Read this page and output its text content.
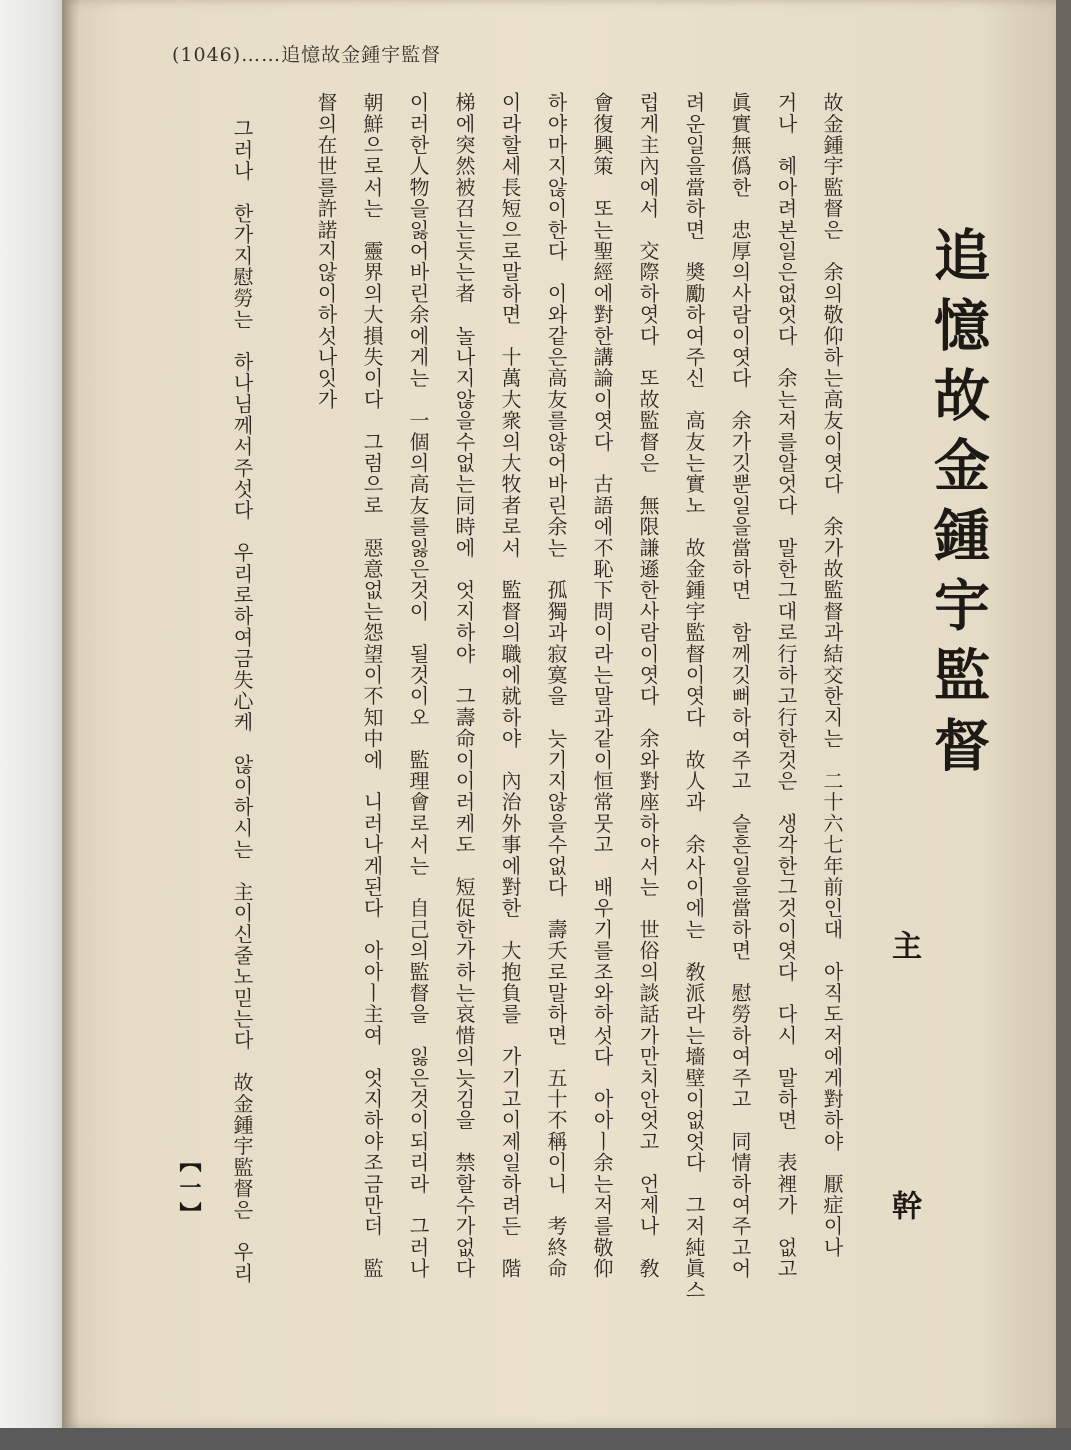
(1046)……追憶故金鍾宇監督
追憶故金鍾宇監督
主幹
故金鍾宇監督은　余의敬仰하는高友이엿다　余가故監督과結交한지는　二十六七年前인대　아직도저에게對하야　厭症이나
거나　헤아려본일은없엇다　余는저를알엇다　말한그대로行하고行한것은　생각한그것이엿다　다시　말하면　表裡가　없고
眞實無僞한　忠厚의사람이엿다　余가깃뿐일을當하면　함께깃뻐하여주고　슬흔일을當하면　慰勞하여주고　同情하여주고어
려운일을當하면　奬勵하여주신　高友는實노　故金鍾宇監督이엿다　故人과　余사이에는　敎派라는墻壁이없엇다　그저純眞스
럽게主內에서　交際하엿다　또故監督은　無限謙遜한사람이엿다　余와對座하야서는　世俗의談話가만치안엇고　언제나　敎
會復興策　또는聖經에對한講論이엿다　古語에不恥下問이라는말과같이恒常뭇고　배우기를조와하섯다　아아ㅣ余는저를敬仰
하야마지않이한다　이와같은高友를않어바린余는　孤獨과寂寞을　늣기지않을수없다　壽夭로말하면　五十不稱이니　考終命
이라할세長短으로말하면　十萬大衆의大牧者로서　監督의職에就하야　內治外事에對한　大抱負를　가기고이제일하려든　階
梯에突然被召는듯는者　놀나지않을수없는同時에　엇지하야　그壽命이이러케도　短促한가하는哀惜의늣김을　禁할수가없다
이러한人物을잃어바린余에게는　一個의高友를잃은것이　될것이오　監理會로서는　自己의監督을　잃은것이되리라　그러나
朝鮮으로서는　靈界의大損失이다　그럼으로　惡意없는怨望이不知中에　니러나게된다　아아ㅣ主여　엇지하야조금만더　監
督의在世를許諾지않이하섯나잇가
그러나　한가지慰勞는　하나님께서주섯다　우리로하여금失心케　않이하시는　主이신줄노믿는다　故金鍾宇監督은　우리
【一】
